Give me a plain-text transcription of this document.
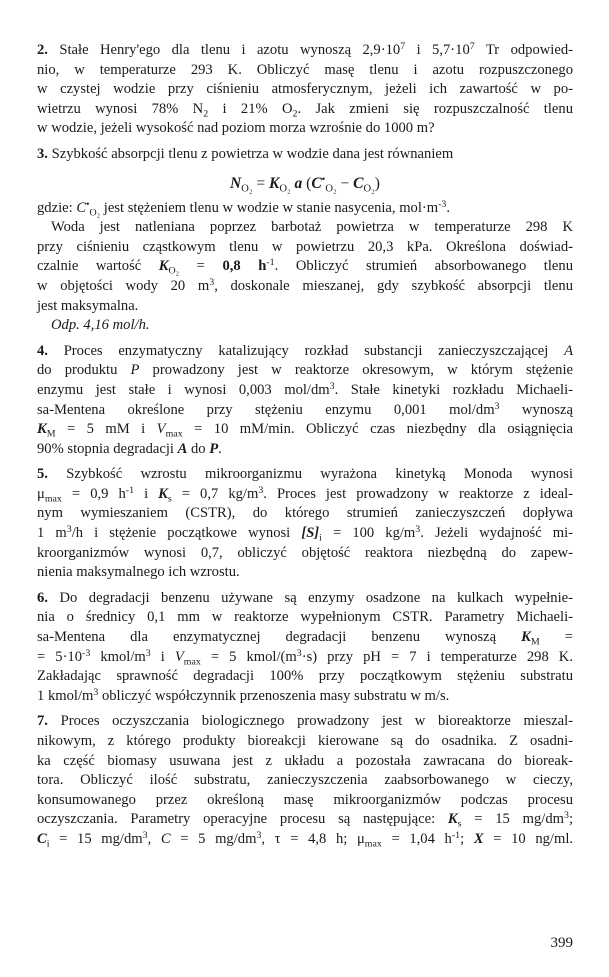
2. Stałe Henry'ego dla tlenu i azotu wynoszą $2,9\cdot 10^7$ i $5,7\cdot 10^7$ Tr odpowied-
nio, w temperaturze 293 K. Obliczyć masę tlenu i azotu rozpuszczonego
w czystej wodzie przy ciśnieniu atmosferycznym, jeżeli ich zawartość w po-
wietrzu wynosi 78% $N_2$ i 21% $O_2$. Jak zmieni się rozpuszczalność tlenu
w wodzie, jeżeli wysokość nad poziom morza wzrośnie do 1000 m?
3. Szybkość absorpcji tlenu z powietrza w wodzie dana jest równaniem
$N_{O_2} = K_{O_2}$ a $(C^•_{O_2} - C_{O_2})$
gdzie: $C^•_{O_2}$ jest stężeniem tlenu w wodzie w stanie nasycenia, $mol\cdot m^{-3}$.
Woda jest natleniana poprzez barbotaż powietrza w temperaturze 298 K
przy ciśnieniu cząstkowym tlenu w powietrzu 20,3 kPa. Określona doświad-
czalnie wartość $K_{O_2} = 0,8$ $h^{-1}$. Obliczyć strumień absorbowanego tlenu
w objętości wody 20 $m^3$, doskonale mieszanej, gdy szybkość absorpcji tlenu
jest maksymalna.
Odp. 4,16 mol/h.
4. Proces enzymatyczny katalizujący rozkład substancji zanieczyszczającej A
do produktu P prowadzony jest w reaktorze okresowym, w którym stężenie
enzymu jest stałe i wynosi 0,003 mol/$dm^3$. Stałe kinetyki rozkładu Michaeli-
sa-Mentena określone przy stężeniu enzymu 0,001 mol/$dm^3$ wynoszą
$K_M = 5$ mM i $V_{max} = 10$ mM/min. Obliczyć czas niezbędny dla osiągnięcia
90% stopnia degradacji A do P.
5. Szybkość wzrostu mikroorganizmu wyrażona kinetyką Monoda wynosi
$\mu_{max} = 0,9$ $h^{-1}$ i $K_s = 0,7$ $kg/m^3$. Proces jest prowadzony w reaktorze z ideal-
nym wymieszaniem (CSTR), do którego strumień zanieczyszczeń dopływa
1 $m^3/h$ i stężenie początkowe wynosi $[S]_i = 100$ $kg/m^3$. Jeżeli wydajność mi-
kroorganizmów wynosi 0,7, obliczyć objętość reaktora niezbędną do zapew-
nienia maksymalnego ich wzrostu.
6. Do degradacji benzenu używane są enzymy osadzone na kulkach wypełnie-
nia o średnicy 0,1 mm w reaktorze wypełnionym CSTR. Parametry Michaeli-
sa-Mentena dla enzymatycznej degradacji benzenu wynoszą $K_M$ =
= $5\cdot 10^{-3}$ kmol/$m^3$ i $V_{max} = 5$ kmol/$(m^3\cdot s)$ przy pH = 7 i temperaturze 298 K.
Zakładając sprawność degradacji 100% przy początkowym stężeniu substratu
1 kmol/$m^3$ obliczyć współczynnik przenoszenia masy substratu w m/s.
7. Proces oczyszczania biologicznego prowadzony jest w bioreaktorze mieszal-
nikowym, z którego produkty bioreakcji kierowane są do osadnika. Z osadni-
ka część biomasy usuwana jest z układu a pozostała zawracana do bioreak-
tora. Obliczyć ilość substratu, zanieczyszczenia zaabsorbowanego w cieczy,
konsumowanego przez określoną masę mikroorganizmów podczas procesu
oczyszczania. Parametry operacyjne procesu są następujące: $K_s = 15$ $mg/dm^3$;
$C_i = 15$ $mg/dm^3$, C = 5 $mg/dm^3$, τ = 4,8 h; $\mu_{max} = 1,04$ $h^{-1}$; X = 10 ng/ml.
399
